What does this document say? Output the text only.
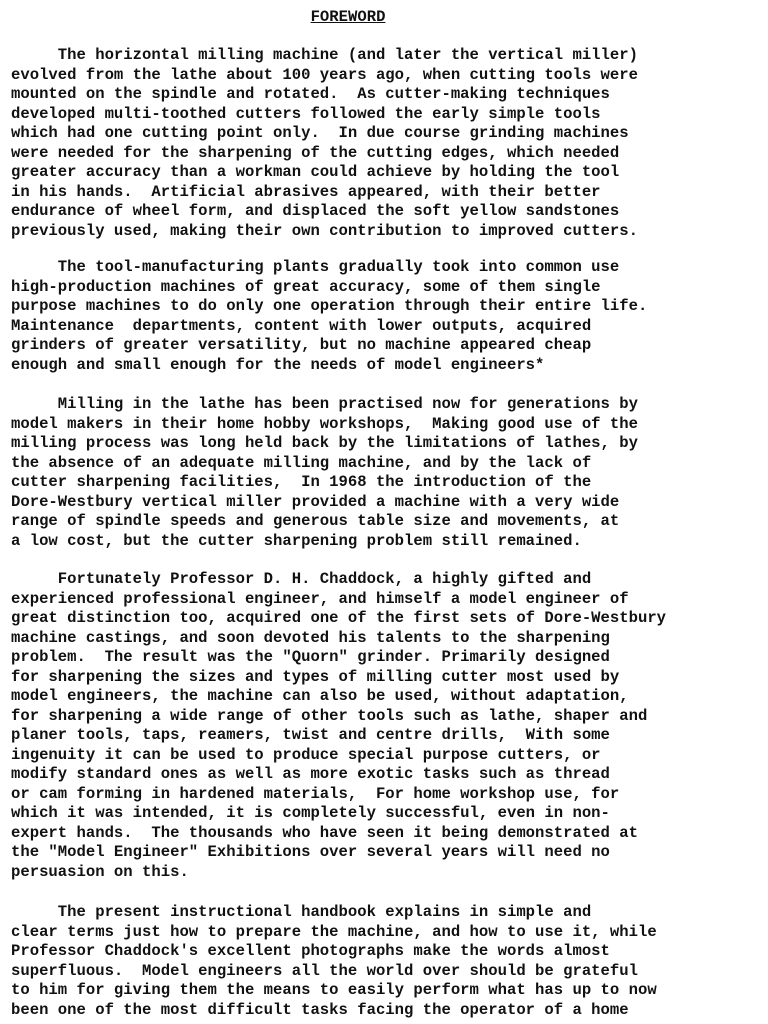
FOREWORD
The horizontal milling machine (and later the vertical miller)
evolved from the lathe about 100 years ago, when cutting tools were
mounted on the spindle and rotated.  As cutter-making techniques
developed multi-toothed cutters followed the early simple tools
which had one cutting point only.  In due course grinding machines
were needed for the sharpening of the cutting edges, which needed
greater accuracy than a workman could achieve by holding the tool
in his hands.  Artificial abrasives appeared, with their better
endurance of wheel form, and displaced the soft yellow sandstones
previously used, making their own contribution to improved cutters.
The tool-manufacturing plants gradually took into common use
high-production machines of great accuracy, some of them single
purpose machines to do only one operation through their entire life.
Maintenance  departments, content with lower outputs, acquired
grinders of greater versatility, but no machine appeared cheap
enough and small enough for the needs of model engineers*
Milling in the lathe has been practised now for generations by
model makers in their home hobby workshops,  Making good use of the
milling process was long held back by the limitations of lathes, by
the absence of an adequate milling machine, and by the lack of
cutter sharpening facilities,  In 1968 the introduction of the
Dore-Westbury vertical miller provided a machine with a very wide
range of spindle speeds and generous table size and movements, at
a low cost, but the cutter sharpening problem still remained.
Fortunately Professor D. H. Chaddock, a highly gifted and
experienced professional engineer, and himself a model engineer of
great distinction too, acquired one of the first sets of Dore-Westbury
machine castings, and soon devoted his talents to the sharpening
problem.  The result was the "Quorn" grinder. Primarily designed
for sharpening the sizes and types of milling cutter most used by
model engineers, the machine can also be used, without adaptation,
for sharpening a wide range of other tools such as lathe, shaper and
planer tools, taps, reamers, twist and centre drills,  With some
ingenuity it can be used to produce special purpose cutters, or
modify standard ones as well as more exotic tasks such as thread
or cam forming in hardened materials,  For home workshop use, for
which it was intended, it is completely successful, even in non-
expert hands.  The thousands who have seen it being demonstrated at
the "Model Engineer" Exhibitions over several years will need no
persuasion on this.
The present instructional handbook explains in simple and
clear terms just how to prepare the machine, and how to use it, while
Professor Chaddock's excellent photographs make the words almost
superfluous.  Model engineers all the world over should be grateful
to him for giving them the means to easily perform what has up to now
been one of the most difficult tasks facing the operator of a home
